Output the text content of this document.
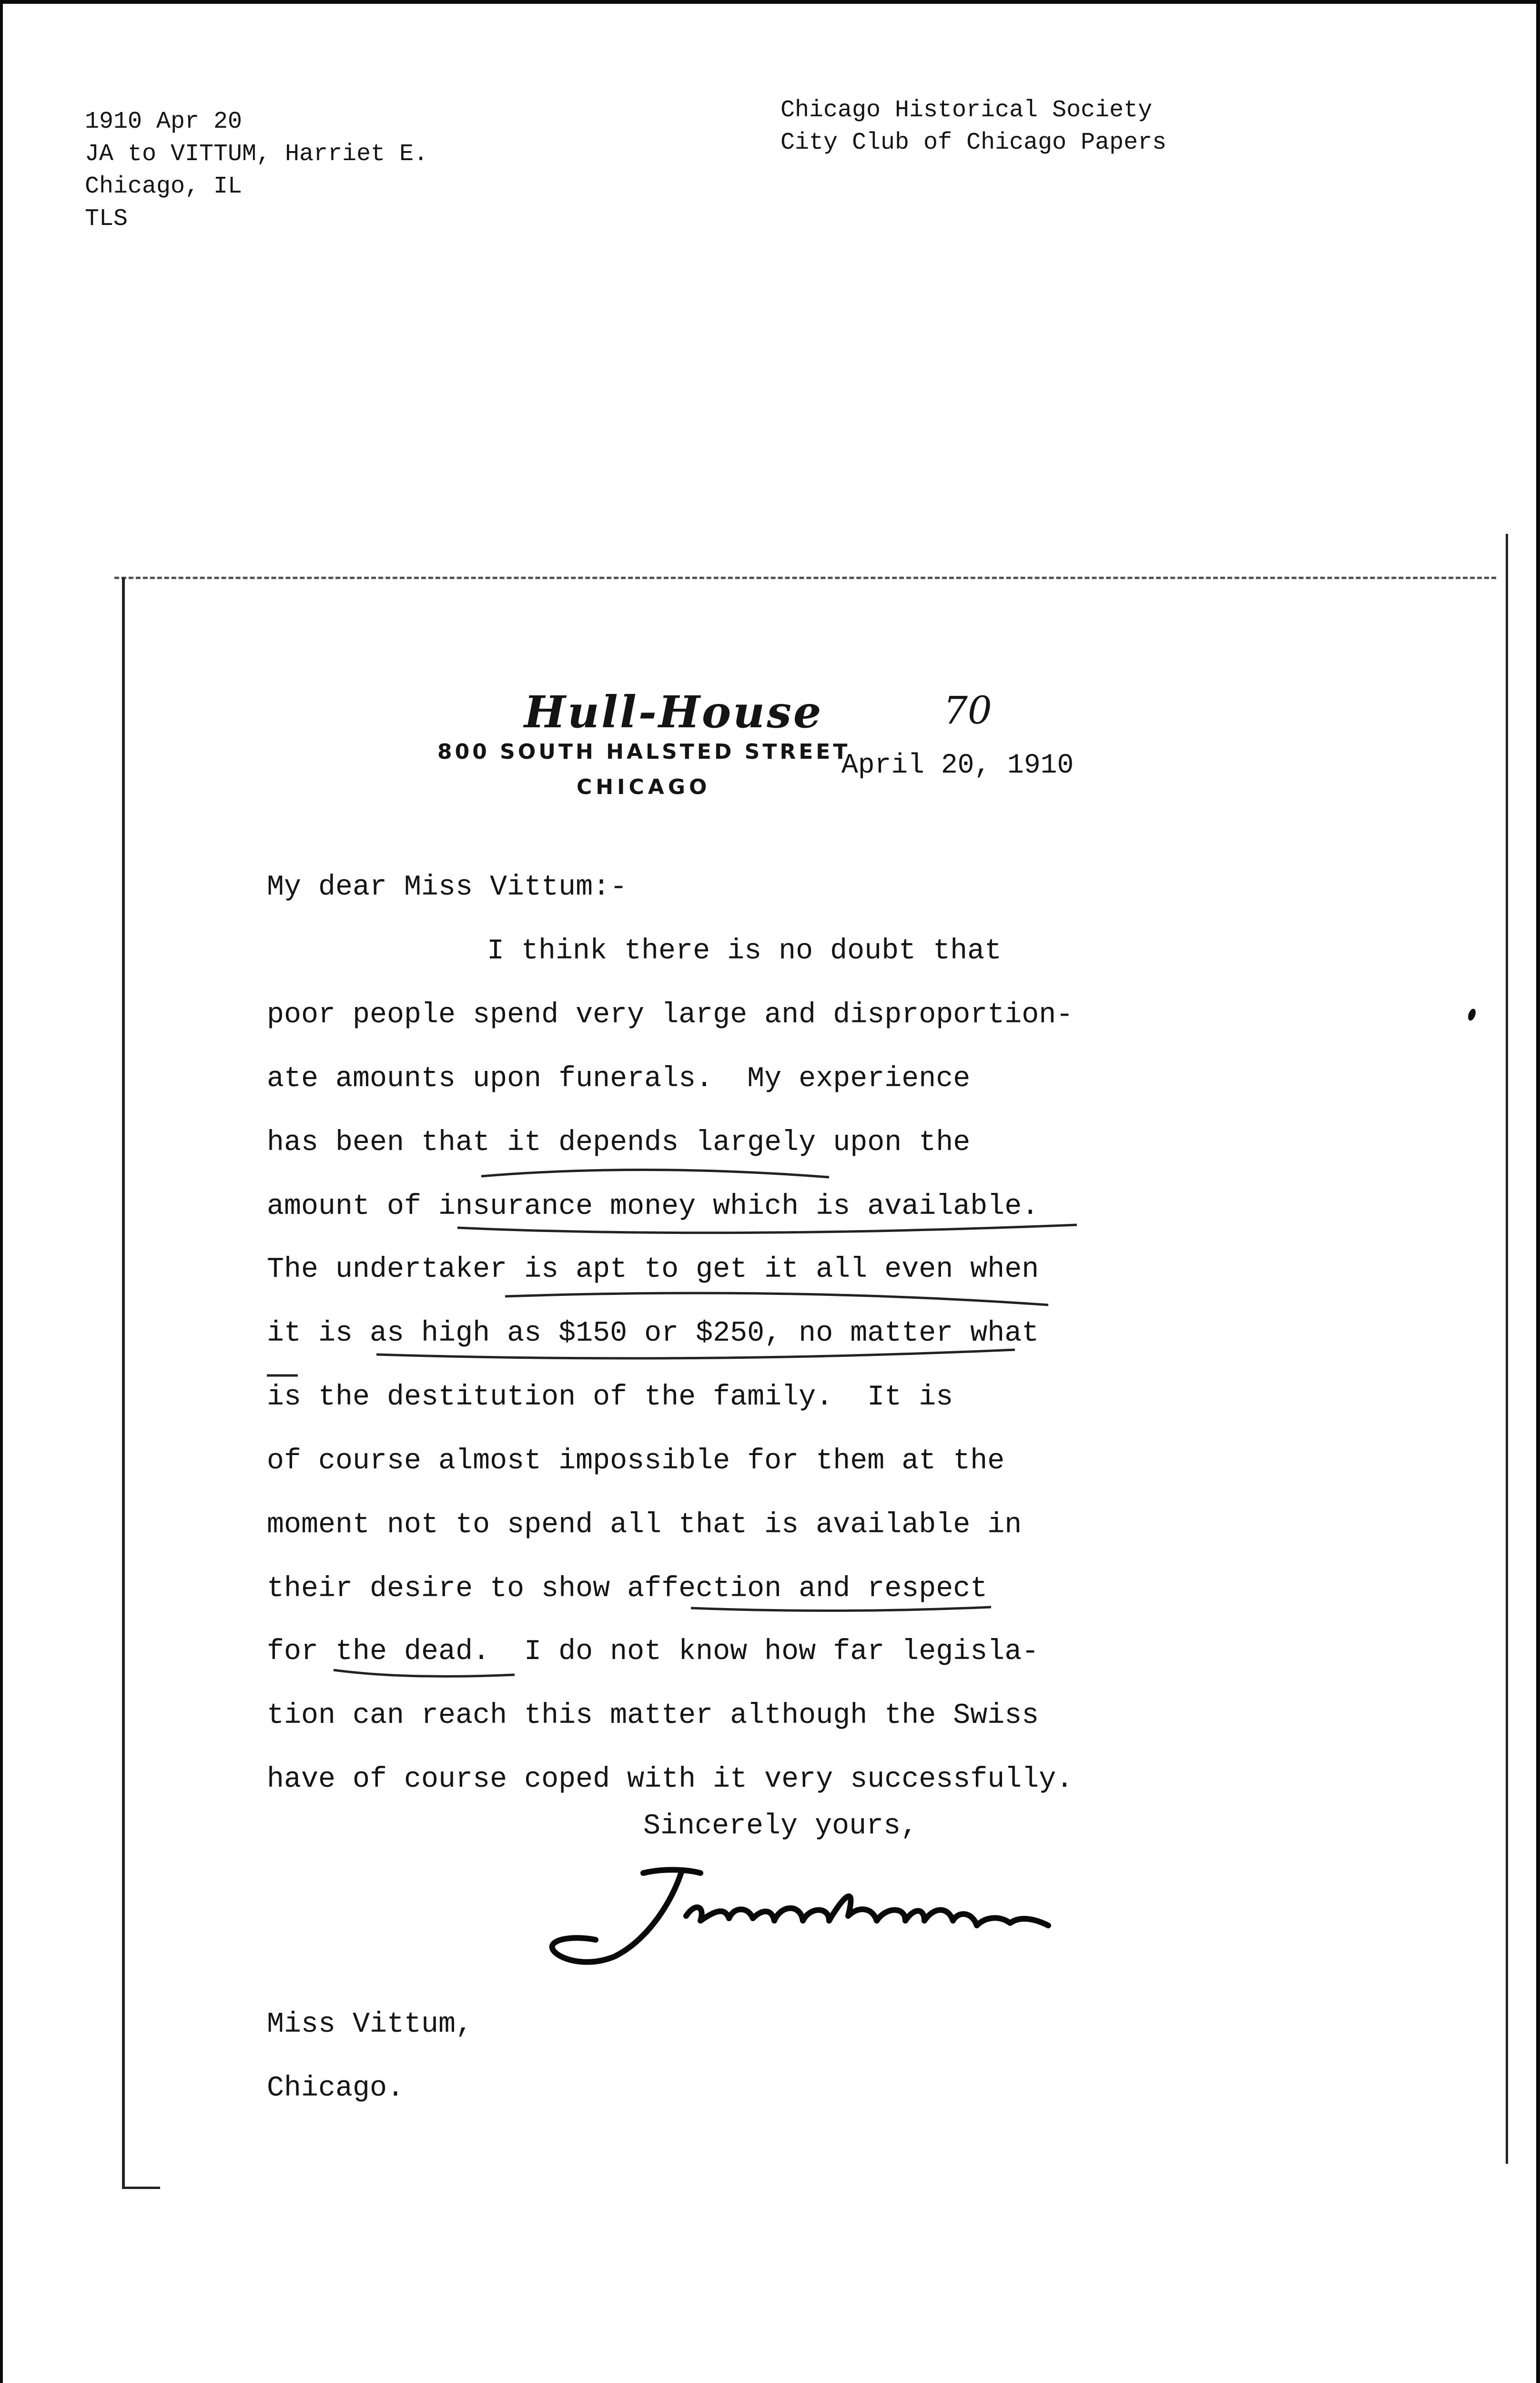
1910 Apr 20
JA to VITTUM, Harriet E.
Chicago, IL
TLS
Chicago Historical Society
City Club of Chicago Papers
Hull-House	70
800 SOUTH HALSTED STREET
CHICAGO
April 20, 1910
My dear Miss Vittum:-
I think there is no doubt that
poor people spend very large and disproportion-
ate amounts upon funerals.  My experience
has been that it depends largely upon the
amount of insurance money which is available.
The undertaker is apt to get it all even when
it is as high as $150 or $250, no matter what
is the destitution of the family.  It is
of course almost impossible for them at the
moment not to spend all that is available in
their desire to show affection and respect
for the dead.  I do not know how far legisla-
tion can reach this matter although the Swiss
have of course coped with it very successfully.
Sincerely yours,
Miss Vittum,
Chicago.
